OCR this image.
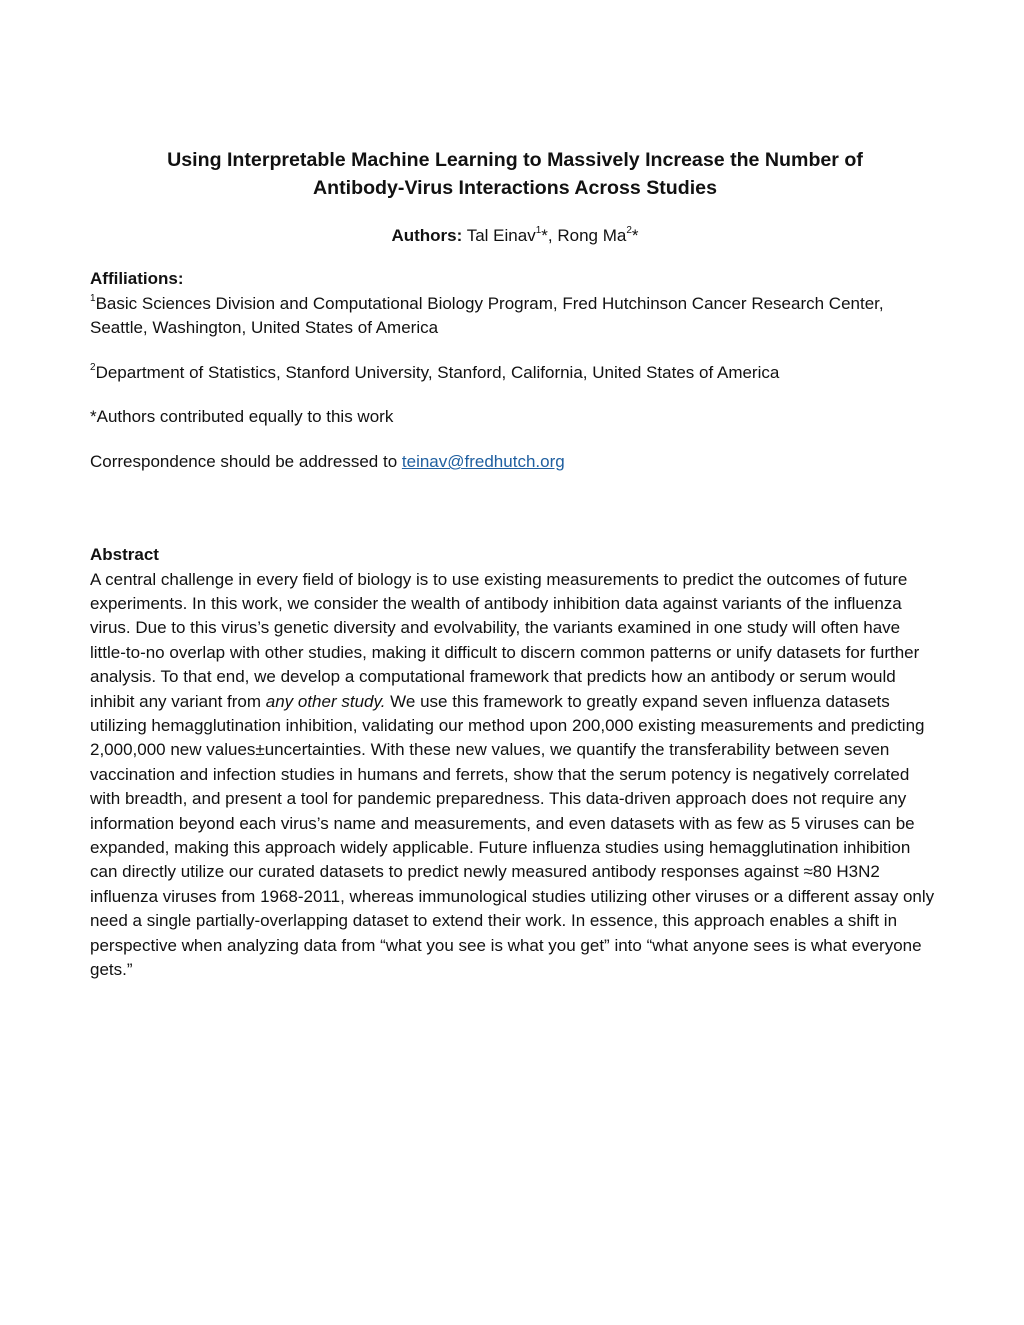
Using Interpretable Machine Learning to Massively Increase the Number of
Antibody-Virus Interactions Across Studies

Authors: Tal Einav$^1$*, Rong Ma$^2$*

Affiliations:
$^1$Basic Sciences Division and Computational Biology Program, Fred Hutchinson Cancer Research Center, Seattle, Washington, United States of America

$^2$Department of Statistics, Stanford University, Stanford, California, United States of America

*Authors contributed equally to this work

Correspondence should be addressed to teinav@fredhutch.org

Abstract

A central challenge in every field of biology is to use existing measurements to predict the outcomes of future experiments. In this work, we consider the wealth of antibody inhibition data against variants of the influenza virus. Due to this virus’s genetic diversity and evolvability, the variants examined in one study will often have little-to-no overlap with other studies, making it difficult to discern common patterns or unify datasets for further analysis. To that end, we develop a computational framework that predicts how an antibody or serum would inhibit any variant from any other study. We use this framework to greatly expand seven influenza datasets utilizing hemagglutination inhibition, validating our method upon 200,000 existing measurements and predicting 2,000,000 new values±uncertainties. With these new values, we quantify the transferability between seven vaccination and infection studies in humans and ferrets, show that the serum potency is negatively correlated with breadth, and present a tool for pandemic preparedness. This data-driven approach does not require any information beyond each virus’s name and measurements, and even datasets with as few as 5 viruses can be expanded, making this approach widely applicable. Future influenza studies using hemagglutination inhibition can directly utilize our curated datasets to predict newly measured antibody responses against ≈80 H3N2 influenza viruses from 1968-2011, whereas immunological studies utilizing other viruses or a different assay only need a single partially-overlapping dataset to extend their work. In essence, this approach enables a shift in perspective when analyzing data from “what you see is what you get” into “what anyone sees is what everyone gets.”
